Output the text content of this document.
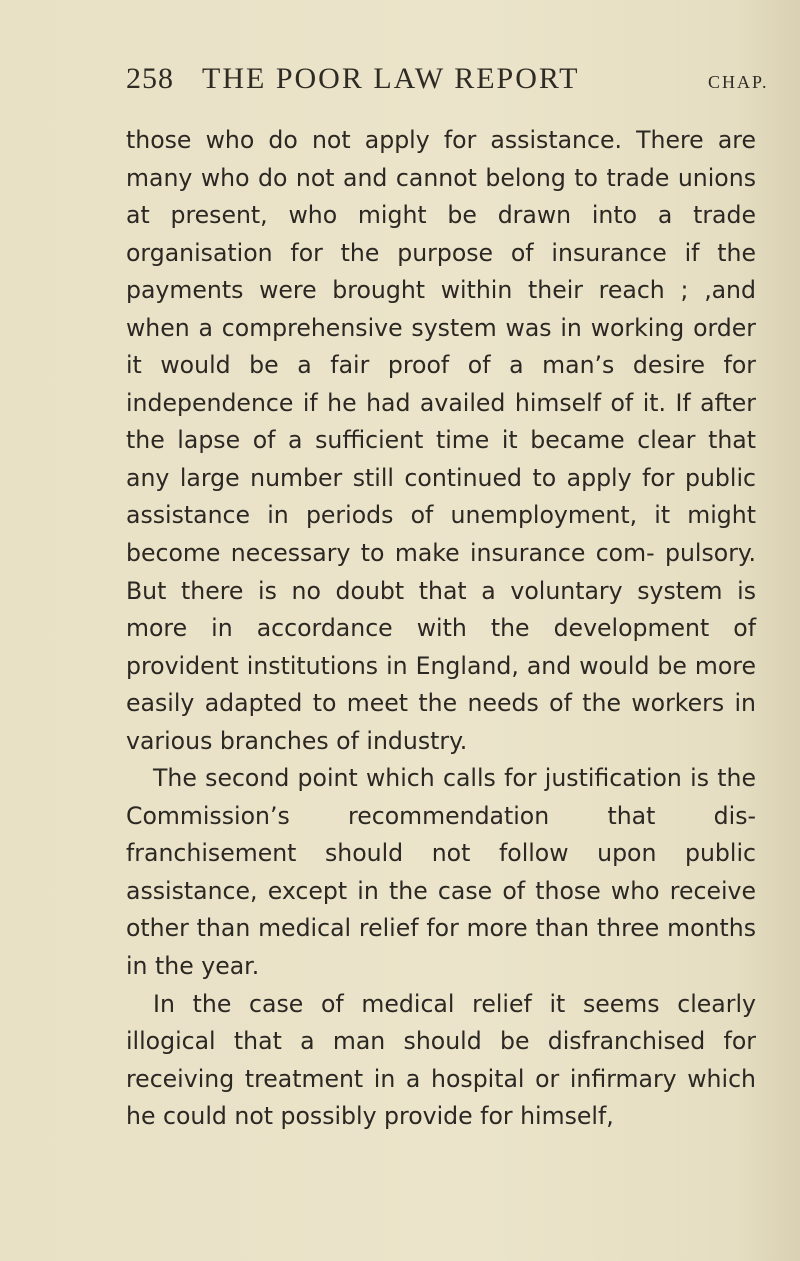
258 THE POOR LAW REPORT	CHAP.

those who do not apply for assistance. There are many who do not and cannot belong to trade unions at present, who might be drawn into a trade organisation for the purpose of insurance if the payments were brought within their reach ; ‚and when a comprehensive system was in working order it would be a fair proof of a man’s desire for independence if he had availed himself of it. If after the lapse of a sufficient time it became clear that any large number still continued to apply for public assistance in periods of unemployment, it might become necessary to make insurance com- pulsory. But there is no doubt that a voluntary system is more in accordance with the development of provident institutions in England, and would be more easily adapted to meet the needs of the workers in various branches of industry.

The second point which calls for justification is the Commission’s recommendation that dis- franchisement should not follow upon public assistance, except in the case of those who receive other than medical relief for more than three months in the year.

In the case of medical relief it seems clearly illogical that a man should be disfranchised for receiving treatment in a hospital or infirmary which he could not possibly provide for himself,
